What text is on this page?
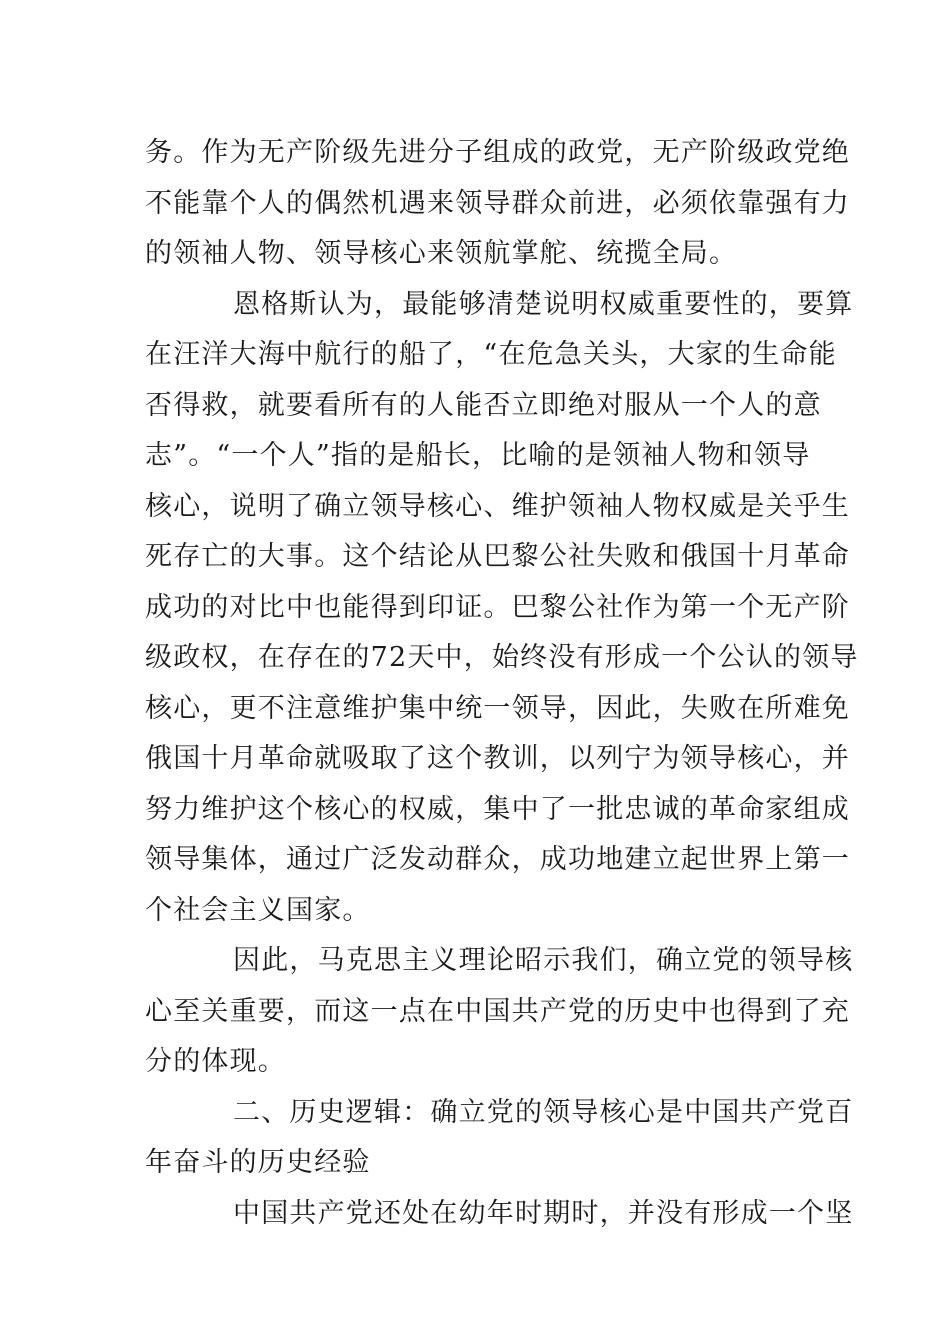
务。作为无产阶级先进分子组成的政党，无产阶级政党绝
不能靠个人的偶然机遇来领导群众前进，必须依靠强有力
的领袖人物、领导核心来领航掌舵、统揽全局。
恩格斯认为，最能够清楚说明权威重要性的，要算
在汪洋大海中航行的船了，“在危急关头，大家的生命能
否得救，就要看所有的人能否立即绝对服从一个人的意
志”。“一个人”指的是船长，比喻的是领袖人物和领导
核心，说明了确立领导核心、维护领袖人物权威是关乎生
死存亡的大事。这个结论从巴黎公社失败和俄国十月革命
成功的对比中也能得到印证。巴黎公社作为第一个无产阶
级政权，在存在的72天中，始终没有形成一个公认的领导
核心，更不注意维护集中统一领导，因此，失败在所难免
俄国十月革命就吸取了这个教训，以列宁为领导核心，并
努力维护这个核心的权威，集中了一批忠诚的革命家组成
领导集体，通过广泛发动群众，成功地建立起世界上第一
个社会主义国家。
因此，马克思主义理论昭示我们，确立党的领导核
心至关重要，而这一点在中国共产党的历史中也得到了充
分的体现。
二、历史逻辑：确立党的领导核心是中国共产党百
年奋斗的历史经验
中国共产党还处在幼年时期时，并没有形成一个坚
